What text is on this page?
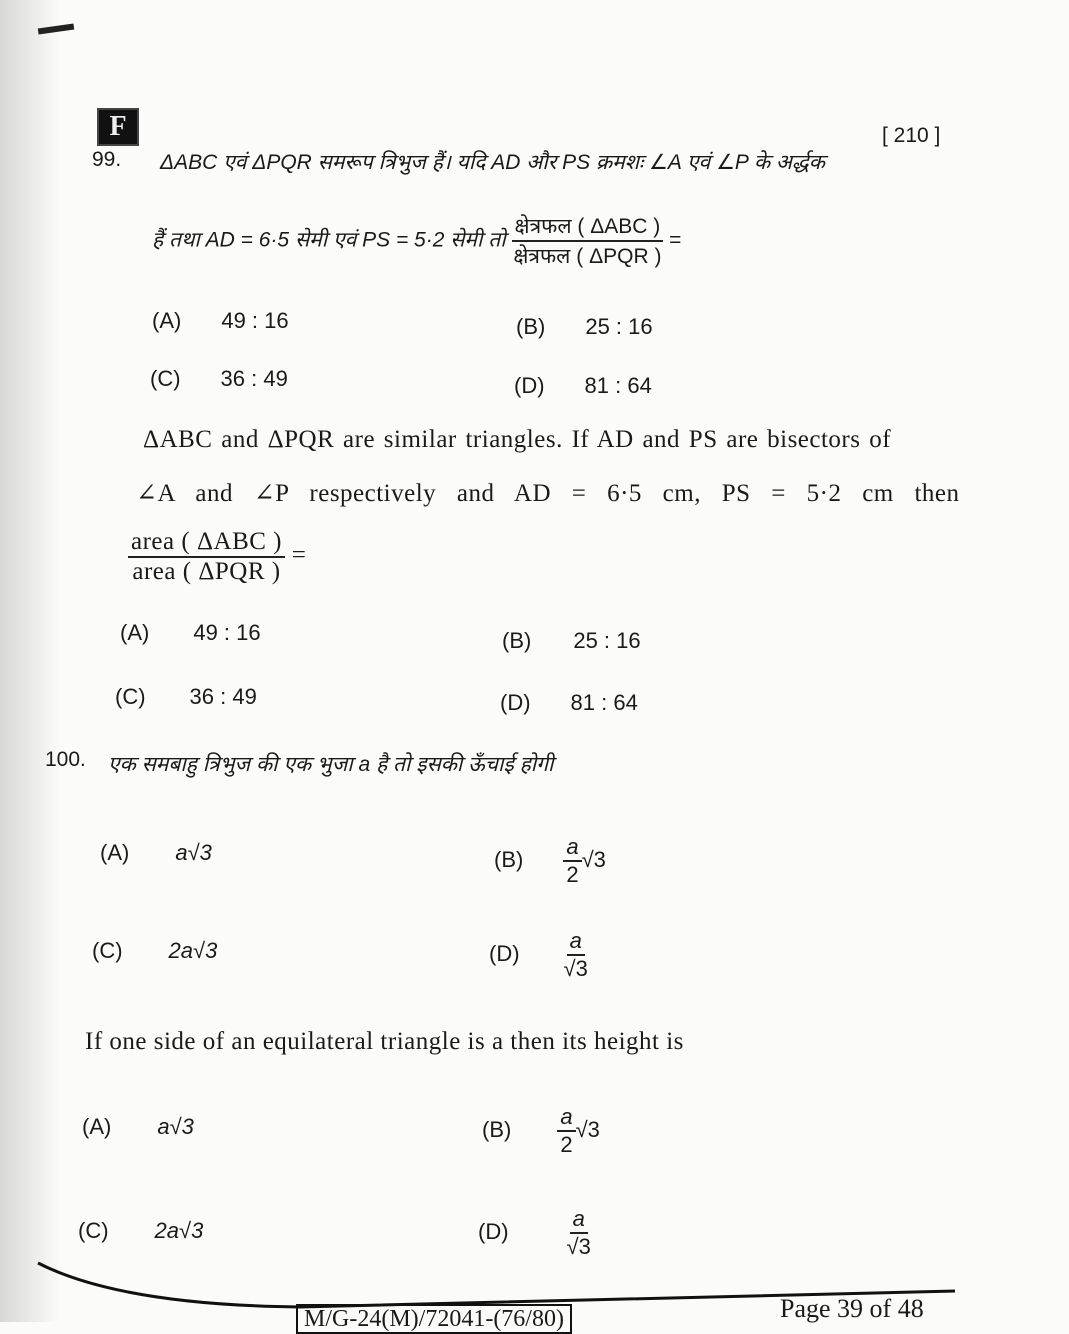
F	[ 210 ]
99. ΔABC एवं ΔPQR समरूप त्रिभुज हैं। यदि AD और PS क्रमशः ∠A एवं ∠P के अर्द्धक
हैं तथा AD = 6·5 सेमी एवं PS = 5·2 सेमी तो $\frac{\text{क्षेत्रफल ( ΔABC )}}{\text{क्षेत्रफल ( ΔPQR )}}$ =
(A) 49 : 16	(B) 25 : 16
(C) 36 : 49	(D) 81 : 64
ΔABC and ΔPQR are similar triangles. If AD and PS are bisectors of
∠A and ∠P respectively and AD = 6·5 cm, PS = 5·2 cm then
$\frac{\text{area ( ΔABC )}}{\text{area ( ΔPQR )}}$ =
(A) 49 : 16	(B) 25 : 16
(C) 36 : 49	(D) 81 : 64
100. एक समबाहु त्रिभुज की एक भुजा a है तो इसकी ऊँचाई होगी
(A) a√3	$(B) \frac{a}{2} √3$
(C) 2a√3	$(D) \frac{a}{√3}$
If one side of an equilateral triangle is a then its height is
(A) a√3	$(B) \frac{a}{2} √3$
(C) 2a√3	(D)	$\frac{a}{√3}$
M/G-24(M)/72041-(76/80)	Page 39 of 48
